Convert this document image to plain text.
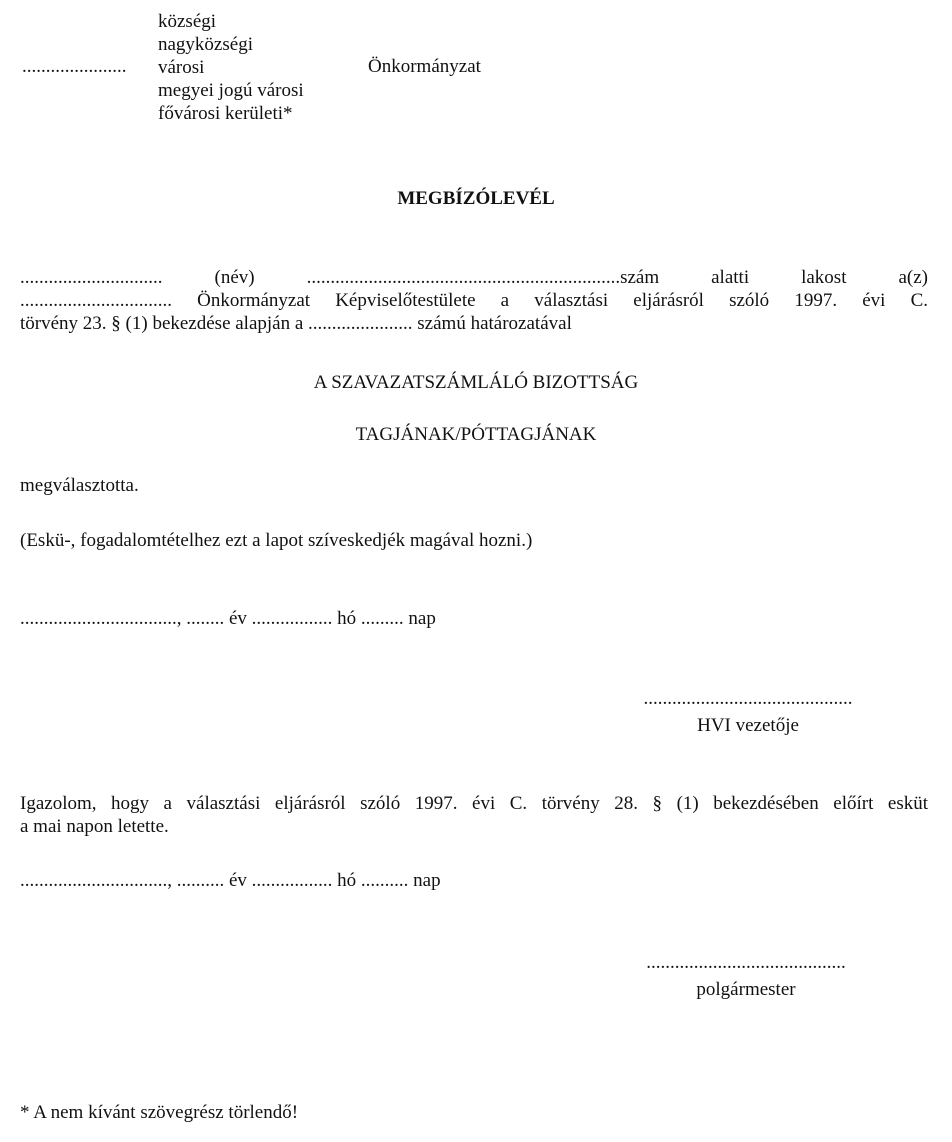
......................
községi
nagyközségi
városi
megyei jogú városi
fővárosi kerületi*
Önkormányzat
MEGBÍZÓLEVÉL
.............................. (név) ..................................................................szám alatti lakost a(z)
................................ Önkormányzat Képviselőtestülete a választási eljárásról szóló 1997. évi C.
törvény 23. § (1) bekezdése alapján a ...................... számú határozatával
A SZAVAZATSZÁMLÁLÓ BIZOTTSÁG
TAGJÁNAK/PÓTTAGJÁNAK
megválasztotta.
(Eskü-, fogadalomtételhez ezt a lapot szíveskedjék magával hozni.)
................................., ........ év ................. hó ......... nap
............................................
HVI vezetője
Igazolom, hogy a választási eljárásról szóló 1997. évi C. törvény 28. § (1) bekezdésében előírt esküt
a mai napon letette.
..............................., .......... év ................. hó .......... nap
..........................................
polgármester
* A nem kívánt szövegrész törlendő!
